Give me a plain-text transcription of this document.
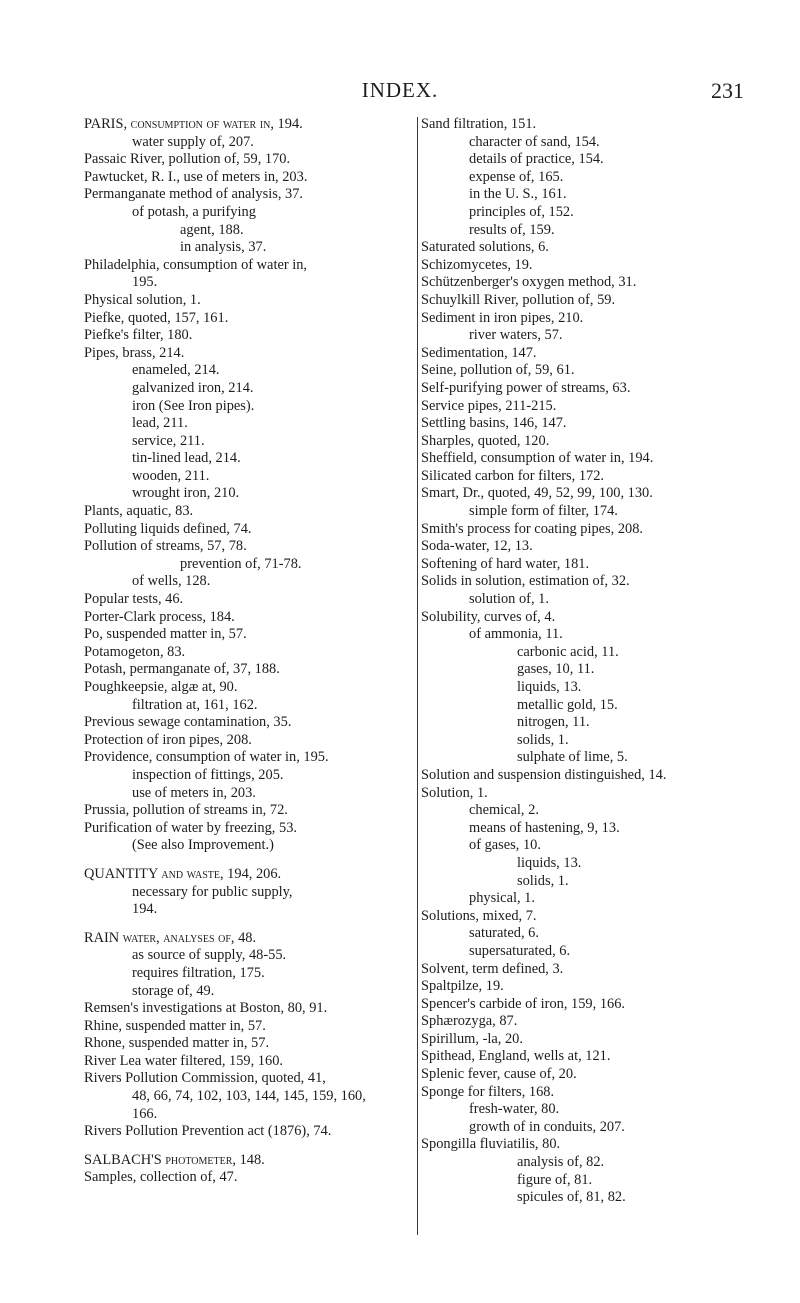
INDEX.	231
PARIS, consumption of water in, 194.
water supply of, 207.
Passaic River, pollution of, 59, 170.
Pawtucket, R. I., use of meters in, 203.
Permanganate method of analysis, 37.
of potash, a purifying
agent, 188.
in analysis, 37.
Philadelphia, consumption of water in,
195.
Physical solution, 1.
Piefke, quoted, 157, 161.
Piefke's filter, 180.
Pipes, brass, 214.
enameled, 214.
galvanized iron, 214.
iron (See Iron pipes).
lead, 211.
service, 211.
tin-lined lead, 214.
wooden, 211.
wrought iron, 210.
Plants, aquatic, 83.
Polluting liquids defined, 74.
Pollution of streams, 57, 78.
prevention of, 71-78.
of wells, 128.
Popular tests, 46.
Porter-Clark process, 184.
Po, suspended matter in, 57.
Potamogeton, 83.
Potash, permanganate of, 37, 188.
Poughkeepsie, algæ at, 90.
filtration at, 161, 162.
Previous sewage contamination, 35.
Protection of iron pipes, 208.
Providence, consumption of water in, 195.
inspection of fittings, 205.
use of meters in, 203.
Prussia, pollution of streams in, 72.
Purification of water by freezing, 53.
(See also Improvement.)
QUANTITY and waste, 194, 206.
necessary for public supply,
194.
RAIN water, analyses of, 48.
as source of supply, 48-55.
requires filtration, 175.
storage of, 49.
Remsen's investigations at Boston, 80, 91.
Rhine, suspended matter in, 57.
Rhone, suspended matter in, 57.
River Lea water filtered, 159, 160.
Rivers Pollution Commission, quoted, 41,
48, 66, 74, 102, 103, 144, 145, 159, 160,
166.
Rivers Pollution Prevention act (1876), 74.
SALBACH'S photometer, 148.
Samples, collection of, 47.
Sand filtration, 151.
character of sand, 154.
details of practice, 154.
expense of, 165.
in the U. S., 161.
principles of, 152.
results of, 159.
Saturated solutions, 6.
Schizomycetes, 19.
Schützenberger's oxygen method, 31.
Schuylkill River, pollution of, 59.
Sediment in iron pipes, 210.
river waters, 57.
Sedimentation, 147.
Seine, pollution of, 59, 61.
Self-purifying power of streams, 63.
Service pipes, 211-215.
Settling basins, 146, 147.
Sharples, quoted, 120.
Sheffield, consumption of water in, 194.
Silicated carbon for filters, 172.
Smart, Dr., quoted, 49, 52, 99, 100, 130.
simple form of filter, 174.
Smith's process for coating pipes, 208.
Soda-water, 12, 13.
Softening of hard water, 181.
Solids in solution, estimation of, 32.
solution of, 1.
Solubility, curves of, 4.
of ammonia, 11.
carbonic acid, 11.
gases, 10, 11.
liquids, 13.
metallic gold, 15.
nitrogen, 11.
solids, 1.
sulphate of lime, 5.
Solution and suspension distinguished, 14.
Solution, 1.
chemical, 2.
means of hastening, 9, 13.
of gases, 10.
liquids, 13.
solids, 1.
physical, 1.
Solutions, mixed, 7.
saturated, 6.
supersaturated, 6.
Solvent, term defined, 3.
Spaltpilze, 19.
Spencer's carbide of iron, 159, 166.
Sphærozyga, 87.
Spirillum, -la, 20.
Spithead, England, wells at, 121.
Splenic fever, cause of, 20.
Sponge for filters, 168.
fresh-water, 80.
growth of in conduits, 207.
Spongilla fluviatilis, 80.
analysis of, 82.
figure of, 81.
spicules of, 81, 82.
